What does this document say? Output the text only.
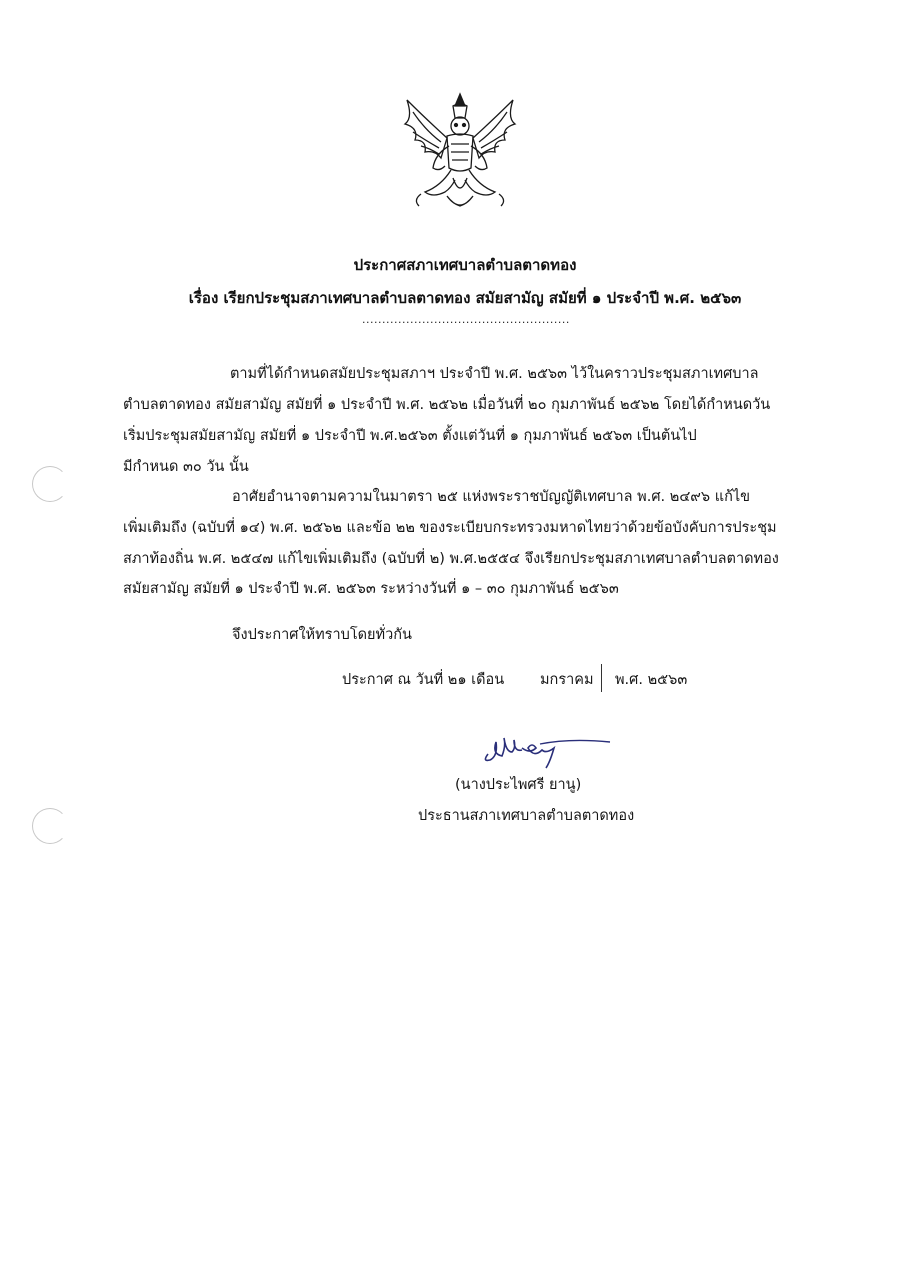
ประกาศสภาเทศบาลตำบลตาดทอง
เรื่อง เรียกประชุมสภาเทศบาลตำบลตาดทอง สมัยสามัญ สมัยที่ ๑ ประจำปี พ.ศ. ๒๕๖๓
....................................................
ตามที่ได้กำหนดสมัยประชุมสภาฯ ประจำปี พ.ศ. ๒๕๖๓ ไว้ในคราวประชุมสภาเทศบาล
ตำบลตาดทอง สมัยสามัญ สมัยที่ ๑ ประจำปี พ.ศ. ๒๕๖๒ เมื่อวันที่ ๒๐ กุมภาพันธ์ ๒๕๖๒ โดยได้กำหนดวัน
เริ่มประชุมสมัยสามัญ สมัยที่ ๑ ประจำปี พ.ศ.๒๕๖๓ ตั้งแต่วันที่ ๑ กุมภาพันธ์ ๒๕๖๓ เป็นต้นไป
มีกำหนด ๓๐ วัน นั้น
อาศัยอำนาจตามความในมาตรา ๒๕ แห่งพระราชบัญญัติเทศบาล พ.ศ. ๒๔๙๖ แก้ไข
เพิ่มเติมถึง (ฉบับที่ ๑๔) พ.ศ. ๒๕๖๒ และข้อ ๒๒ ของระเบียบกระทรวงมหาดไทยว่าด้วยข้อบังคับการประชุม
สภาท้องถิ่น พ.ศ. ๒๕๔๗ แก้ไขเพิ่มเติมถึง (ฉบับที่ ๒) พ.ศ.๒๕๕๔ จึงเรียกประชุมสภาเทศบาลตำบลตาดทอง
สมัยสามัญ สมัยที่ ๑ ประจำปี พ.ศ. ๒๕๖๓ ระหว่างวันที่ ๑ – ๓๐ กุมภาพันธ์ ๒๕๖๓
จึงประกาศให้ทราบโดยทั่วกัน
ประกาศ ณ วันที่ ๒๑ เดือน มกราคม พ.ศ. ๒๕๖๓
(นางประไพศรี ยานู)
ประธานสภาเทศบาลตำบลตาดทอง
